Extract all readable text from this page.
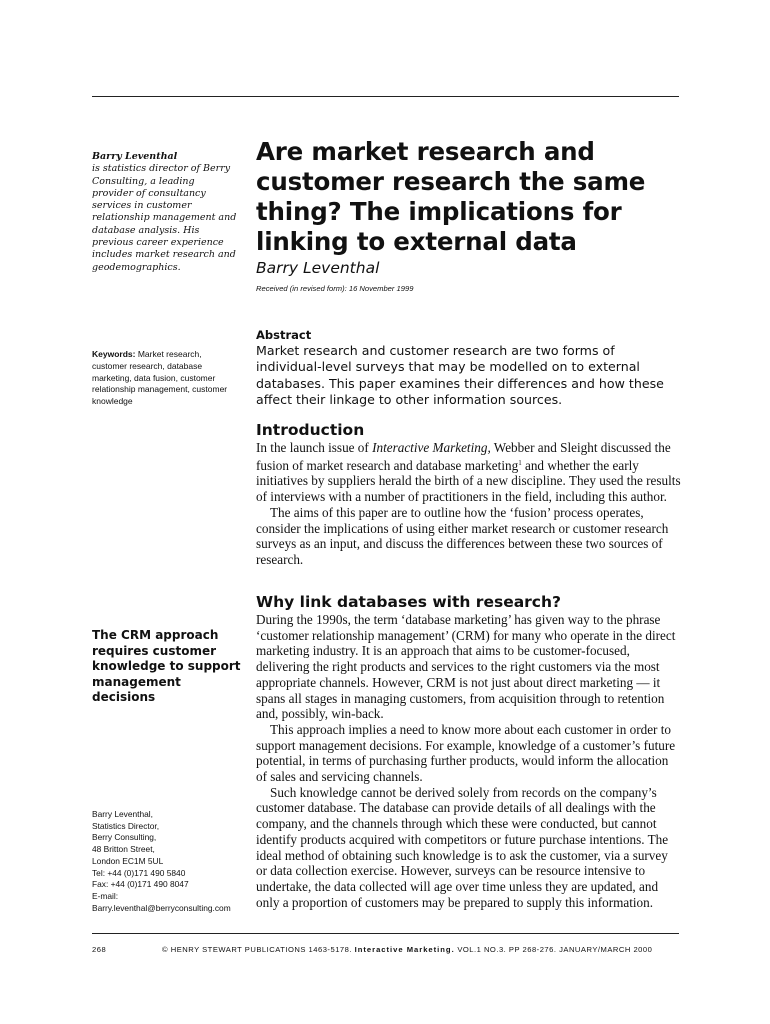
Barry Leventhal
is statistics director of Berry Consulting, a leading provider of consultancy services in customer relationship management and database analysis. His previous career experience includes market research and geodemographics.
Keywords: Market research, customer research, database marketing, data fusion, customer relationship management, customer knowledge
The CRM approach requires customer knowledge to support management decisions
Barry Leventhal,
Statistics Director,
Berry Consulting,
48 Britton Street,
London EC1M 5UL
Tel: +44 (0)171 490 5840
Fax: +44 (0)171 490 8047
E-mail:
Barry.leventhal@berryconsulting.com
Are market research and customer research the same thing? The implications for linking to external data
Barry Leventhal
Received (in revised form): 16 November 1999
Abstract

Market research and customer research are two forms of individual-level surveys that may be modelled on to external databases. This paper examines their differences and how these affect their linkage to other information sources.

Introduction

In the launch issue of Interactive Marketing, Webber and Sleight discussed the fusion of market research and database marketing$^1$ and whether the early initiatives by suppliers herald the birth of a new discipline. They used the results of interviews with a number of practitioners in the field, including this author.

The aims of this paper are to outline how the ‘fusion’ process operates, consider the implications of using either market research or customer research surveys as an input, and discuss the differences between these two sources of research.

Why link databases with research?

During the 1990s, the term ‘database marketing’ has given way to the phrase ‘customer relationship management’ (CRM) for many who operate in the direct marketing industry. It is an approach that aims to be customer-focused, delivering the right products and services to the right customers via the most appropriate channels. However, CRM is not just about direct marketing — it spans all stages in managing customers, from acquisition through to retention and, possibly, win-back.

This approach implies a need to know more about each customer in order to support management decisions. For example, knowledge of a customer’s future potential, in terms of purchasing further products, would inform the allocation of sales and servicing channels.

Such knowledge cannot be derived solely from records on the company’s customer database. The database can provide details of all dealings with the company, and the channels through which these were conducted, but cannot identify products acquired with competitors or future purchase intentions. The ideal method of obtaining such knowledge is to ask the customer, via a survey or data collection exercise. However, surveys can be resource intensive to undertake, the data collected will age over time unless they are updated, and only a proportion of customers may be prepared to supply this information.

268	© HENRY STEWART PUBLICATIONS 1463-5178. Interactive Marketing. VOL.1 NO.3. PP 268-276. JANUARY/MARCH 2000
